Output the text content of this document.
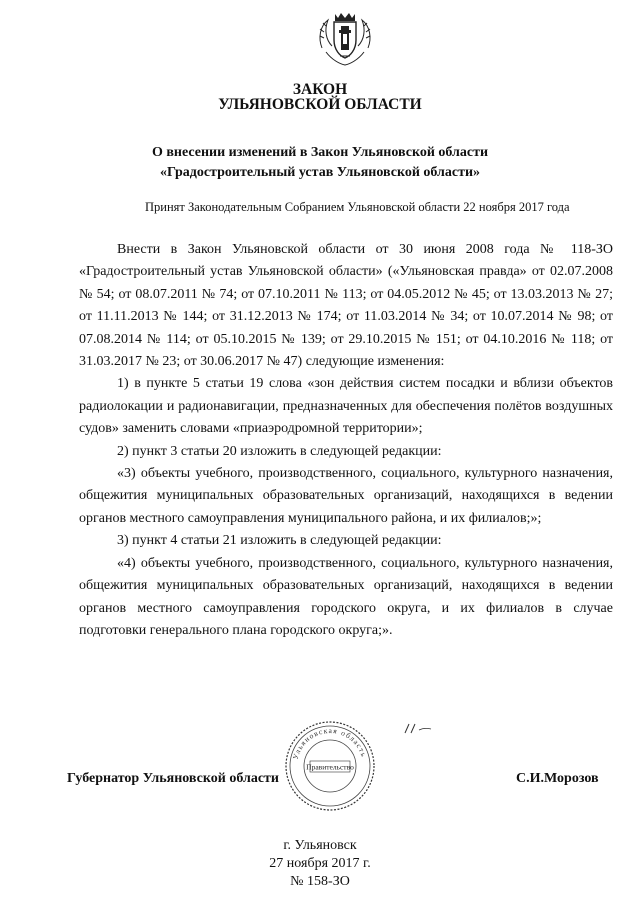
ЗАКОН

УЛЬЯНОВСКОЙ ОБЛАСТИ

О внесении изменений в Закон Ульяновской области
«Градостроительный устав Ульяновской области»

Принят Законодательным Собранием Ульяновской области 22 ноября 2017 года

Внести в Закон Ульяновской области от 30 июня 2008 года № 118-ЗО «Градостроительный устав Ульяновской области» («Ульяновская правда» от 02.07.2008 № 54; от 08.07.2011 № 74; от 07.10.2011 № 113; от 04.05.2012 № 45; от 13.03.2013 № 27; от 11.11.2013 № 144; от 31.12.2013 № 174; от 11.03.2014 № 34; от 10.07.2014 № 98; от 07.08.2014 № 114; от 05.10.2015 № 139; от 29.10.2015 № 151; от 04.10.2016 № 118; от 31.03.2017 № 23; от 30.06.2017 № 47) следующие изменения:

1) в пункте 5 статьи 19 слова «зон действия систем посадки и вблизи объектов радиолокации и радионавигации, предназначенных для обеспечения полётов воздушных судов» заменить словами «приаэродромной территории»;

2) пункт 3 статьи 20 изложить в следующей редакции:

«3) объекты учебного, производственного, социального, культурного назначения, общежития муниципальных образовательных организаций, находящихся в ведении органов местного самоуправления муниципального района, и их филиалов;»;

3) пункт 4 статьи 21 изложить в следующей редакции:

«4) объекты учебного, производственного, социального, культурного назначения, общежития муниципальных образовательных организаций, находящихся в ведении органов местного самоуправления городского округа, и их филиалов в случае подготовки генерального плана городского округа;».

Губернатор Ульяновской области	С.И.Морозов

Ульяновская область
Правительство

г. Ульяновск

27 ноября 2017 г.

№ 158-ЗО
